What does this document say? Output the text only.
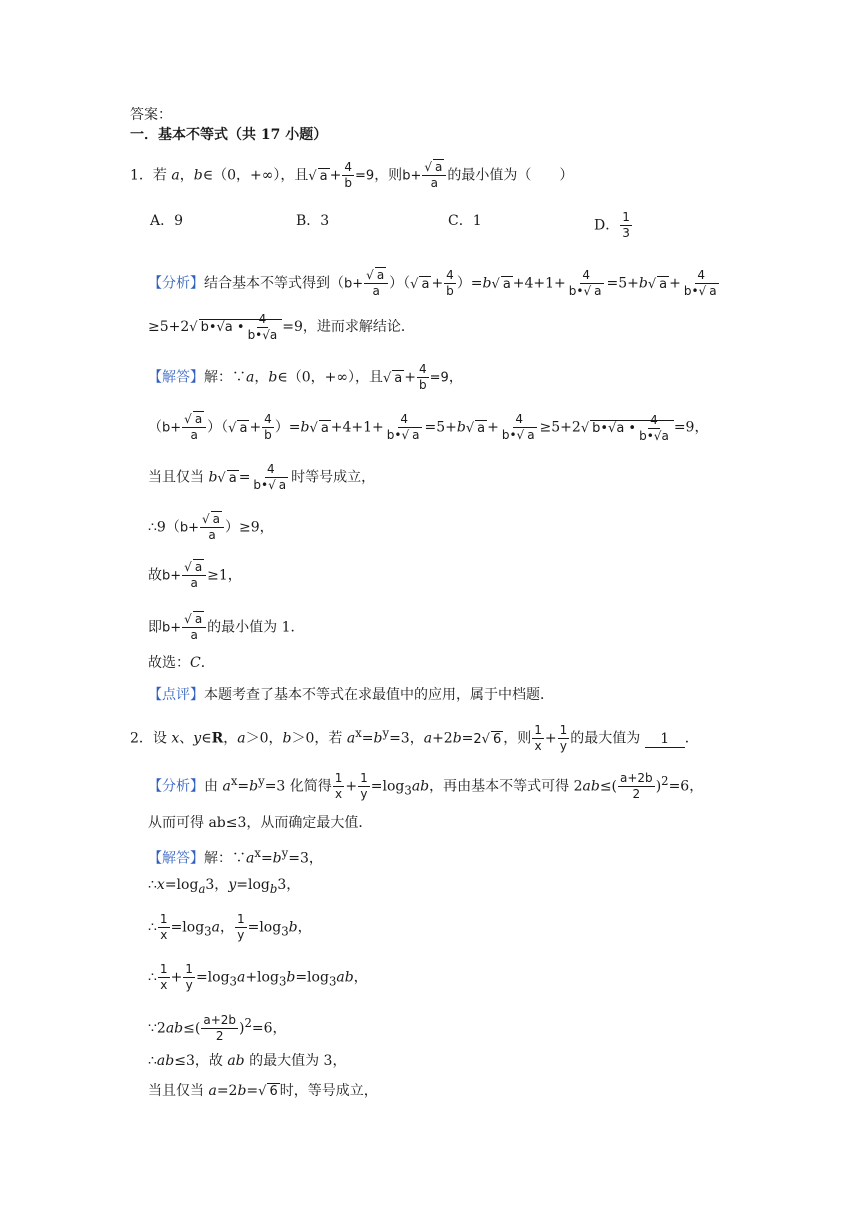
答案：
一．基本不等式（共 17 小题）
1．若 a，b∈（0，+∞），且√ $a + \frac{4}{b} =9$，则$b+ \frac{√ a}{a}$ 的最小值为（　　）
A．9	B．3	C．1	D． $\frac{1}{3}$
【分析】结合基本不等式得到（$b+ \frac{√ a}{a}$ ）（√ $a + \frac{4}{b} )=b√$ $a +4+1+ \frac{4}{b•√ a} =5+b√$ $a + \frac{4}{b•√ a}$
≥5+2√ b•√a • $\frac{4}{b•√a} =9$，进而求解结论．
【解答】解：∵a，b∈（0，+∞），且√ $a + \frac{4}{b} =9$，
（$b+ \frac{√ a}{a}$ ）（√ $a + \frac{4}{b} )=b√$ $a +4+1+ \frac{4}{b•√ a} =5+b√$ $a + \frac{4}{b•√ a} \ge 5+2√$ b•√a • $\frac{4}{b•√a} =9$，
当且仅当 b√ $a = \frac{4}{b•√ a}$ 时等号成立，
∴9（b+ $\frac{√ a}{a} )\ge 9$，
故$b+ \frac{√ a}{a} \ge 1$，
即$b+ \frac{√ a}{a}$ 的最小值为 1．
故选：C．
【点评】本题考查了基本不等式在求最值中的应用，属于中档题．
2．设 x、y∈R，a＞0，b＞0，若 $a^x=b^y=3$，a+2b=2√ 6 ，则 $\frac{1}{x} + \frac{1}{y}$ 的最大值为 1 ．
【分析】由 $a^x=b^y=3$ 化简得 $\frac{1}{x} + \frac{1}{y} =\log_3ab$，再由基本不等式可得 $2ab\le( \frac{a+2b}{2} )^2=6$，
从而可得 ab≤3，从而确定最大值．
【解答】解：$\because a^x=b^y=3$，
$\therefore x=\log_a3$，$y=\log_b3$，
∴ $\frac{1}{x} =\log_3a$， $\frac{1}{y} =\log_3b$，
∴ $\frac{1}{x} + \frac{1}{y} =\log_3a+\log_3b=\log_3ab$，
∵2ab≤( $\frac{a+2b}{2} )^2=6$，
∴ab≤3，故 ab 的最大值为 3，
当且仅当 a=2b=√ 6 时，等号成立，
